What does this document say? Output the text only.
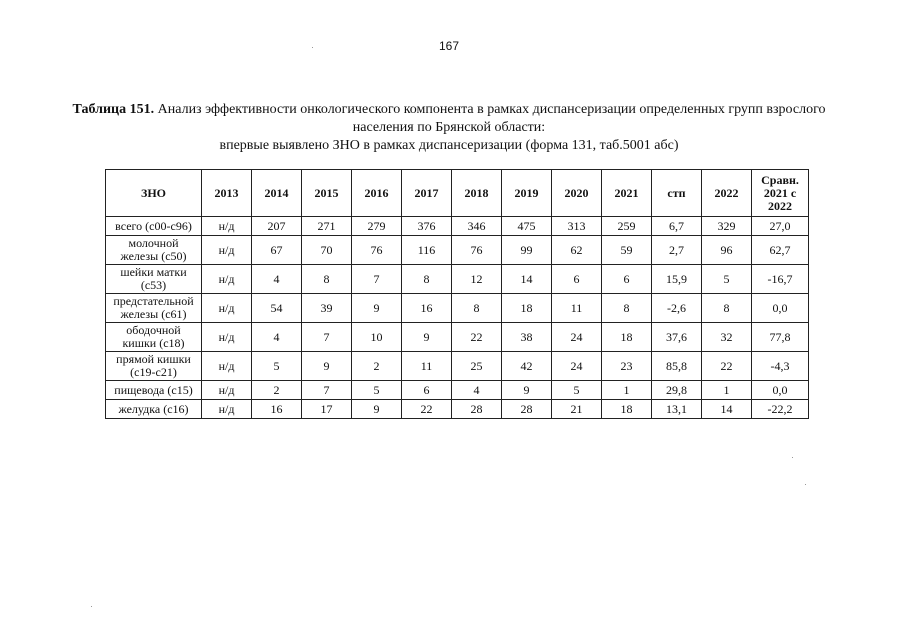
167
Таблица 151. Анализ эффективности онкологического компонента в рамках диспансеризации определенных групп взрослого
населения по Брянской области:
впервые выявлено ЗНО в рамках диспансеризации (форма 131, таб.5001 абс)
ЗНО	2013	2014	2015	2016	2017	2018	2019	2020	2021	стп	2022	Сравн.
2021 с
2022

всего (с00-с96)	н/д	207	271	279	376	346	475	313	259	6,7	329	27,0

молочной
железы (с50)	н/д	67	70	76	116	76	99	62	59	2,7	96	62,7

шейки матки
(с53)	н/д	4	8	7	8	12	14	6	6	15,9	5	-16,7

предстательной
железы (с61)	н/д	54	39	9	16	8	18	11	8	-2,6	8	0,0

ободочной
кишки (с18)	н/д	4	7	10	9	22	38	24	18	37,6	32	77,8

прямой кишки
(с19-с21)	н/д	5	9	2	11	25	42	24	23	85,8	22	-4,3

пищевода (с15)	н/д	2	7	5	6	4	9	5	1	29,8	1	0,0

желудка (с16)	н/д	16	17	9	22	28	28	21	18	13,1	14	-22,2
